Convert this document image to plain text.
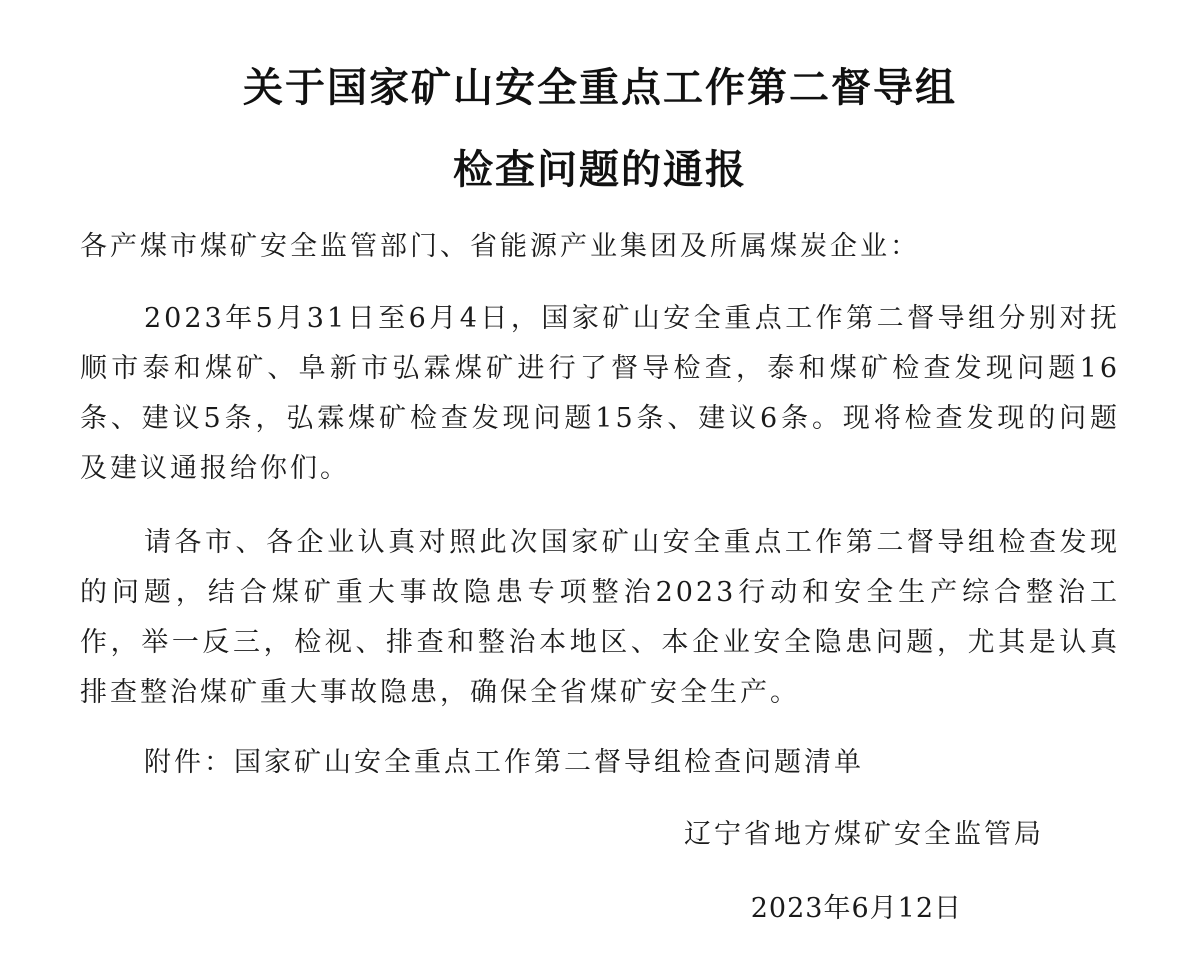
关于国家矿山安全重点工作第二督导组
检查问题的通报

各产煤市煤矿安全监管部门、省能源产业集团及所属煤炭企业：

2023年5月31日至6月4日，国家矿山安全重点工作第二督导组分别对抚顺市泰和煤矿、阜新市弘霖煤矿进行了督导检查，泰和煤矿检查发现问题16条、建议5条，弘霖煤矿检查发现问题15条、建议6条。现将检查发现的问题及建议通报给你们。

请各市、各企业认真对照此次国家矿山安全重点工作第二督导组检查发现的问题，结合煤矿重大事故隐患专项整治2023行动和安全生产综合整治工作，举一反三，检视、排查和整治本地区、本企业安全隐患问题，尤其是认真排查整治煤矿重大事故隐患，确保全省煤矿安全生产。

附件：国家矿山安全重点工作第二督导组检查问题清单

辽宁省地方煤矿安全监管局
2023年6月12日
